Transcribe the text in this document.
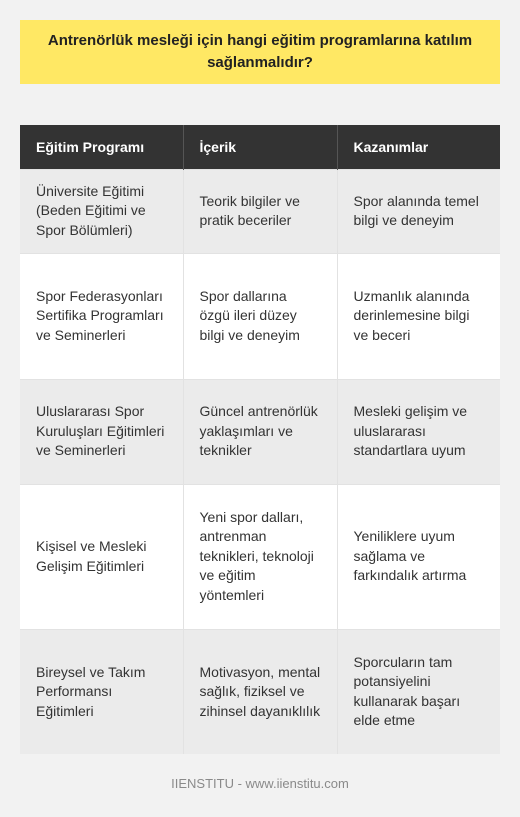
Antrenörlük mesleği için hangi eğitim programlarına katılım sağlanmalıdır?
Eğitim Programı	İçerik	Kazanımlar
Üniversite Eğitimi (Beden Eğitimi ve Spor Bölümleri)	Teorik bilgiler ve pratik beceriler	Spor alanında temel bilgi ve deneyim
Spor Federasyonları Sertifika Programları ve Seminerleri	Spor dallarına özgü ileri düzey bilgi ve deneyim	Uzmanlık alanında derinlemesine bilgi ve beceri
Uluslararası Spor Kuruluşları Eğitimleri ve Seminerleri	Güncel antrenörlük yaklaşımları ve teknikler	Mesleki gelişim ve uluslararası standartlara uyum
Kişisel ve Mesleki Gelişim Eğitimleri	Yeni spor dalları, antrenman teknikleri, teknoloji ve eğitim yöntemleri	Yeniliklere uyum sağlama ve farkındalık artırma
Bireysel ve Takım Performansı Eğitimleri	Motivasyon, mental sağlık, fiziksel ve zihinsel dayanıklılık	Sporcuların tam potansiyelini kullanarak başarı elde etme
IIENSTITU - www.iienstitu.com
